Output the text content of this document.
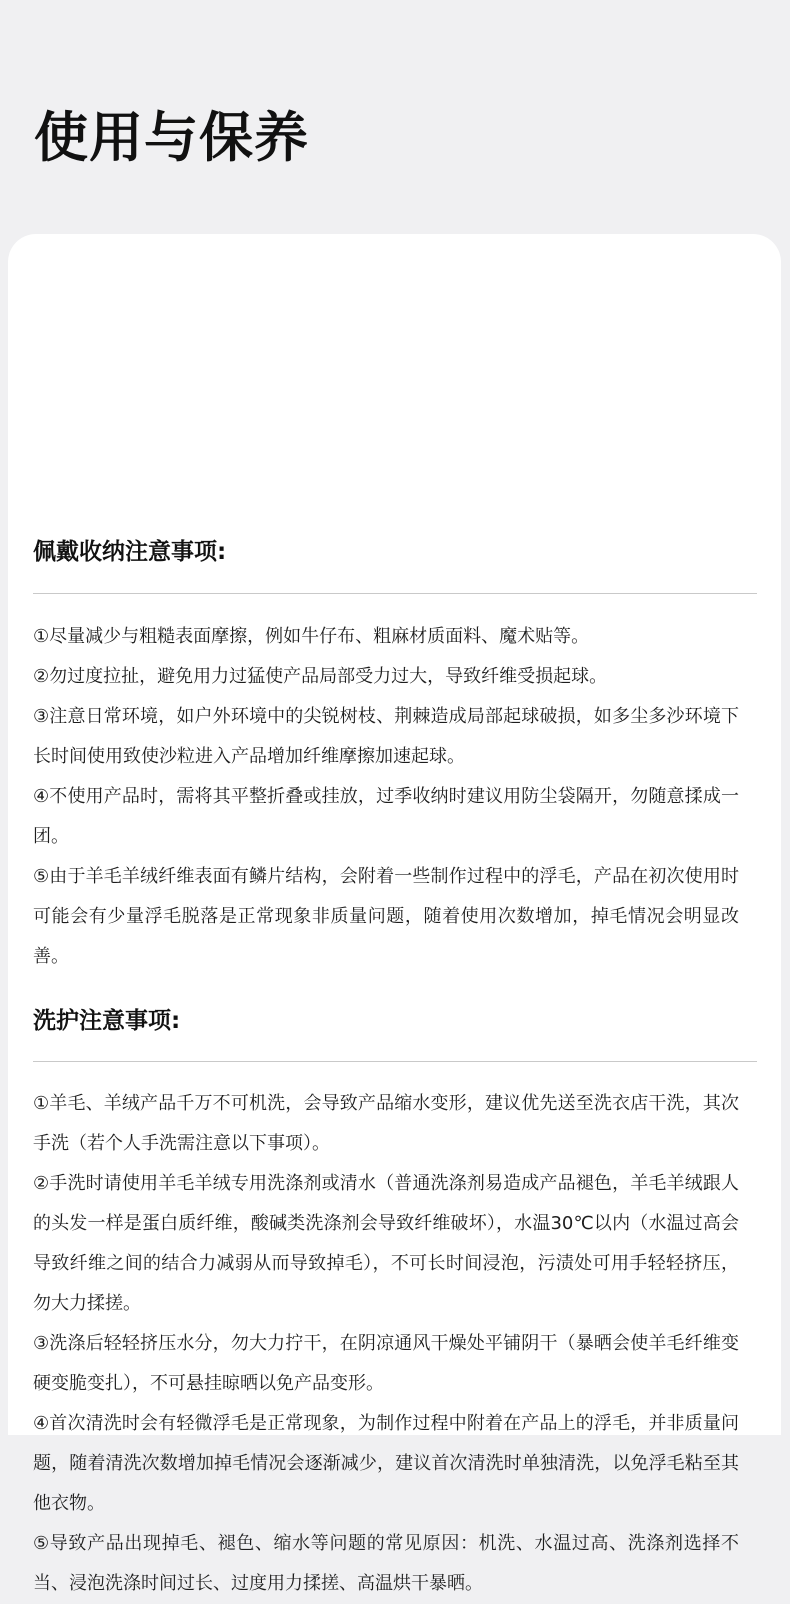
使用与保养
佩戴收纳注意事项:
①尽量减少与粗糙表面摩擦，例如牛仔布、粗麻材质面料、魔术贴等。
②勿过度拉扯，避免用力过猛使产品局部受力过大，导致纤维受损起球。
③注意日常环境，如户外环境中的尖锐树枝、荆棘造成局部起球破损，如多尘多沙环境下长时间使用致使沙粒进入产品增加纤维摩擦加速起球。
④不使用产品时，需将其平整折叠或挂放，过季收纳时建议用防尘袋隔开，勿随意揉成一团。
⑤由于羊毛羊绒纤维表面有鳞片结构，会附着一些制作过程中的浮毛，产品在初次使用时可能会有少量浮毛脱落是正常现象非质量问题，随着使用次数增加，掉毛情况会明显改善。
洗护注意事项:
①羊毛、羊绒产品千万不可机洗，会导致产品缩水变形，建议优先送至洗衣店干洗，其次手洗（若个人手洗需注意以下事项）。
②手洗时请使用羊毛羊绒专用洗涤剂或清水（普通洗涤剂易造成产品褪色，羊毛羊绒跟人的头发一样是蛋白质纤维，酸碱类洗涤剂会导致纤维破坏），水温30℃以内（水温过高会导致纤维之间的结合力减弱从而导致掉毛），不可长时间浸泡，污渍处可用手轻轻挤压，勿大力揉搓。
③洗涤后轻轻挤压水分，勿大力拧干，在阴凉通风干燥处平铺阴干（暴晒会使羊毛纤维变硬变脆变扎），不可悬挂晾晒以免产品变形。
④首次清洗时会有轻微浮毛是正常现象，为制作过程中附着在产品上的浮毛，并非质量问题，随着清洗次数增加掉毛情况会逐渐减少，建议首次清洗时单独清洗，以免浮毛粘至其他衣物。
⑤导致产品出现掉毛、褪色、缩水等问题的常见原因：机洗、水温过高、洗涤剂选择不当、浸泡洗涤时间过长、过度用力揉搓、高温烘干暴晒。
